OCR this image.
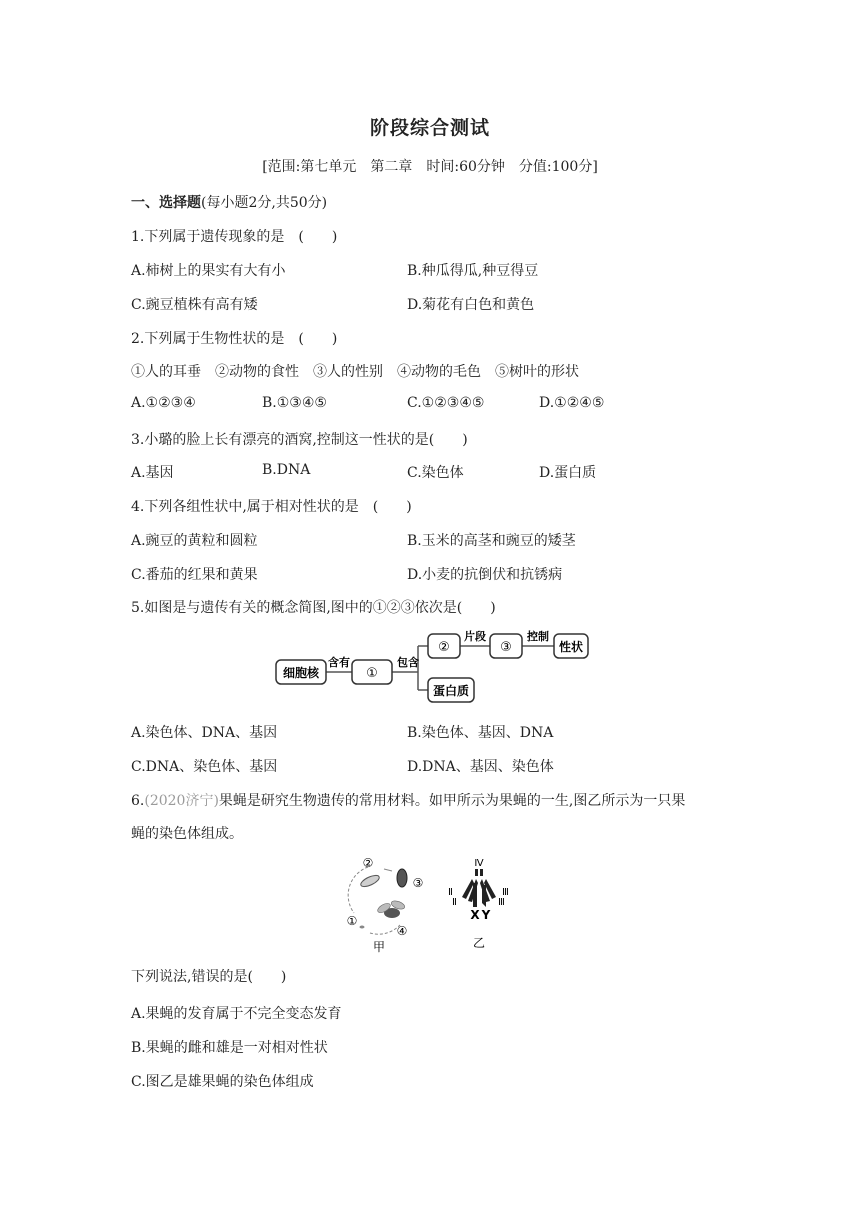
阶段综合测试
[范围:第七单元　第二章　时间:60分钟　分值:100分]
一、选择题(每小题2分,共50分)
1.下列属于遗传现象的是　(　　)
A.柿树上的果实有大有小	B.种瓜得瓜,种豆得豆
C.豌豆植株有高有矮	D.菊花有白色和黄色
2.下列属于生物性状的是　(　　)
①人的耳垂　②动物的食性　③人的性别　④动物的毛色　⑤树叶的形状
A.①②③④	B.①③④⑤	C.①②③④⑤	D.①②④⑤
3.小璐的脸上长有漂亮的酒窝,控制这一性状的是(　　)
A.基因	B.DNA	C.染色体	D.蛋白质
4.下列各组性状中,属于相对性状的是　(　　)
A.豌豆的黄粒和圆粒	B.玉米的高茎和豌豆的矮茎
C.番茄的红果和黄果	D.小麦的抗倒伏和抗锈病
5.如图是与遗传有关的概念简图,图中的①②③依次是(　　)
细胞核
含有
①
包含
②
片段
③
控制
性状
蛋白质
A.染色体、DNA、基因	B.染色体、基因、DNA
C.DNA、染色体、基因	D.DNA、基因、染色体
6.(2020济宁)果蝇是研究生物遗传的常用材料。如甲所示为果蝇的一生,图乙所示为一只果
蝇的染色体组成。
②
③
①
④
甲
Ⅳ
Ⅱ
Ⅱ
Ⅲ
Ⅲ
X Y
乙
下列说法,错误的是(　　)
A.果蝇的发育属于不完全变态发育
B.果蝇的雌和雄是一对相对性状
C.图乙是雄果蝇的染色体组成
